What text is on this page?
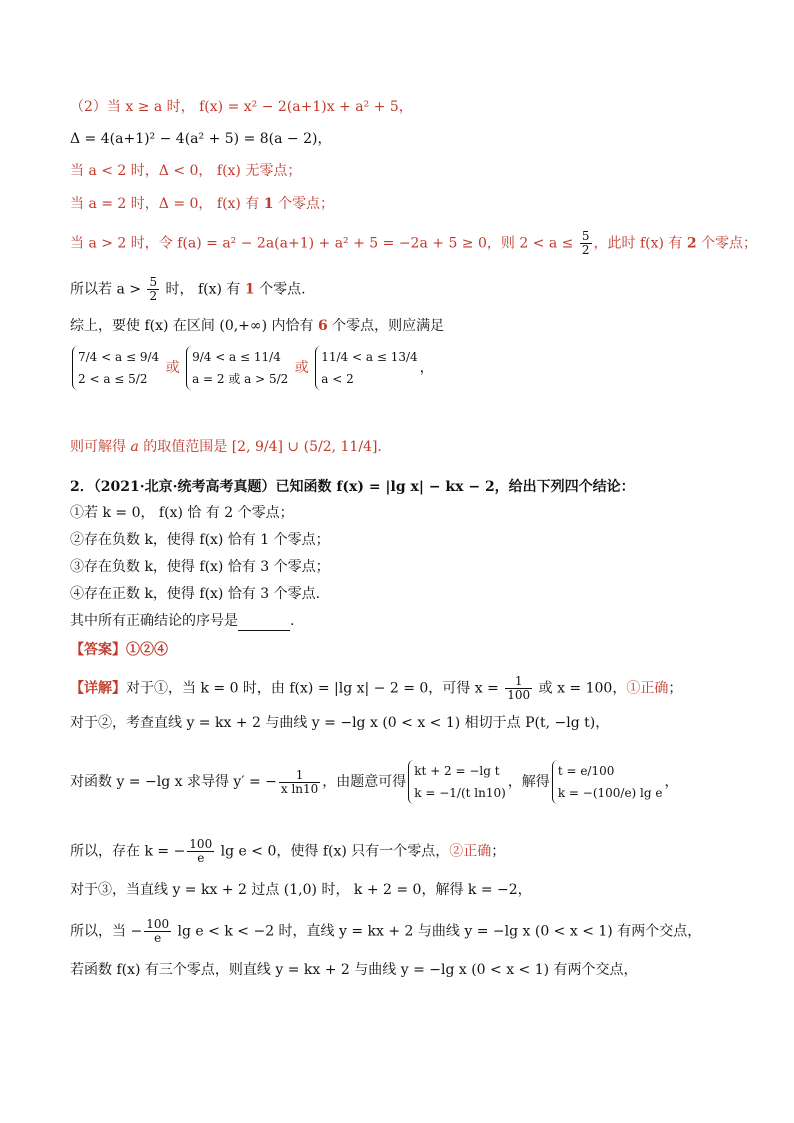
（2）当 x ≥ a 时， f(x) = x² − 2(a+1)x + a² + 5，
Δ = 4(a+1)² − 4(a² + 5) = 8(a − 2)，
当 a < 2 时，Δ < 0， f(x) 无零点；
当 a = 2 时，Δ = 0， f(x) 有 1 个零点；
当 a > 2 时，令 f(a) = a² − 2a(a+1) + a² + 5 = −2a + 5 ≥ 0，则 $2 < a \le \frac{5}{2}$ ，此时 f(x) 有 2 个零点；
所以若 $a > \frac{5}{2}$ 时， f(x) 有 1 个零点.
综上，要使 f(x) 在区间 (0,+∞) 内恰有 6 个零点，则应满足
7/4 < a ≤ 9/4
2 < a ≤ 5/2
或
9/4 < a ≤ 11/4
a = 2 或 a > 5/2
或
11/4 < a ≤ 13/4
a < 2
，
则可解得 a 的取值范围是 [2, 9/4] ∪ (5/2, 11/4].
2．（2021·北京·统考高考真题）已知函数 f(x) = |lg x| − kx − 2，给出下列四个结论：
①若 k = 0， f(x) 恰 有 2 个零点；
②存在负数 k，使得 f(x) 恰有 1 个零点；
③存在负数 k，使得 f(x) 恰有 3 个零点；
④存在正数 k，使得 f(x) 恰有 3 个零点.
其中所有正确结论的序号是	.
【答案】①②④
【详解】对于①，当 k = 0 时，由 f(x) = |lg x| − 2 = 0，可得 $x = \frac{1}{100}$ 或 x = 100，①正确；
对于②，考查直线 y = kx + 2 与曲线 y = −lg x (0 < x < 1) 相切于点 P(t, −lg t)，
对函数 y = −lg x 求导得 y′ = − $\frac{1}{\text{x ln10}}$ ，由题意可得
kt + 2 = −lg t
k = −1/(t ln10)
，解得
t = e/100
k = −(100/e) lg e
，
所以，存在 k = − $\frac{100}{e}$ lg e < 0，使得 f(x) 只有一个零点，②正确；
对于③，当直线 y = kx + 2 过点 (1,0) 时， k + 2 = 0，解得 k = −2，
所以，当 − $\frac{100}{e}$ lg e < k < −2 时，直线 y = kx + 2 与曲线 y = −lg x (0 < x < 1) 有两个交点，
若函数 f(x) 有三个零点，则直线 y = kx + 2 与曲线 y = −lg x (0 < x < 1) 有两个交点，
